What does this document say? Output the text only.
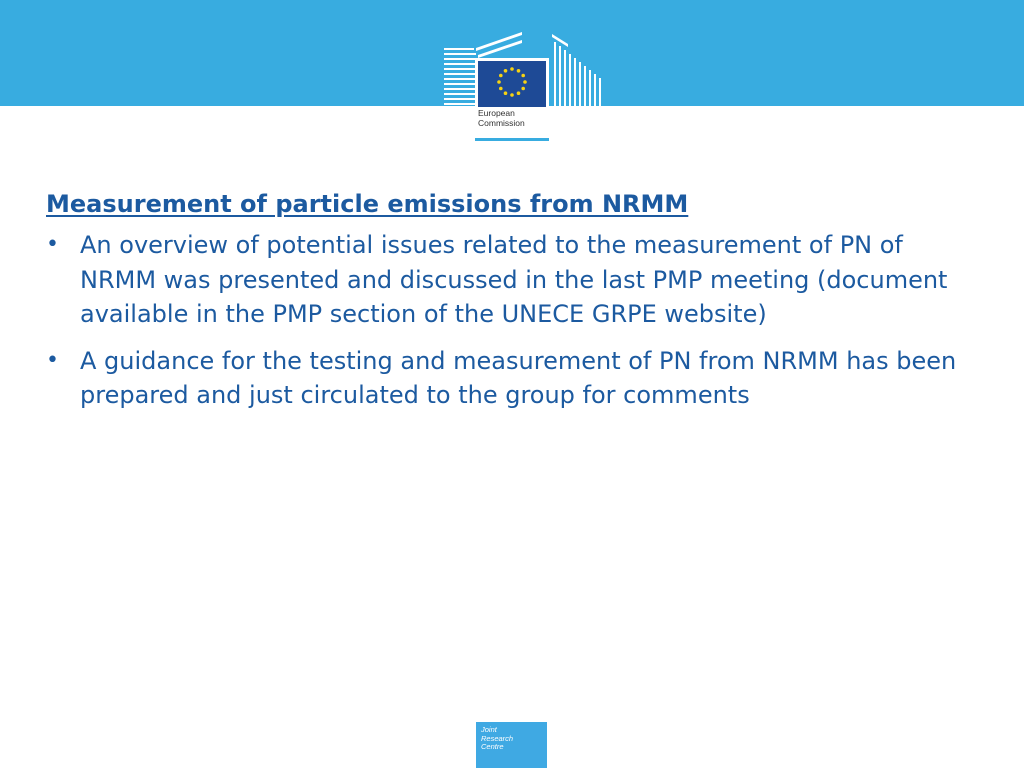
European
Commission
Measurement of particle emissions from NRMM
• An overview of potential issues related to the measurement of PN of NRMM was presented and discussed in the last PMP meeting (document available in the PMP section of the UNECE GRPE website)
• A guidance for the testing and measurement of PN from NRMM has been prepared and just circulated to the group for comments
Joint
Research
Centre
